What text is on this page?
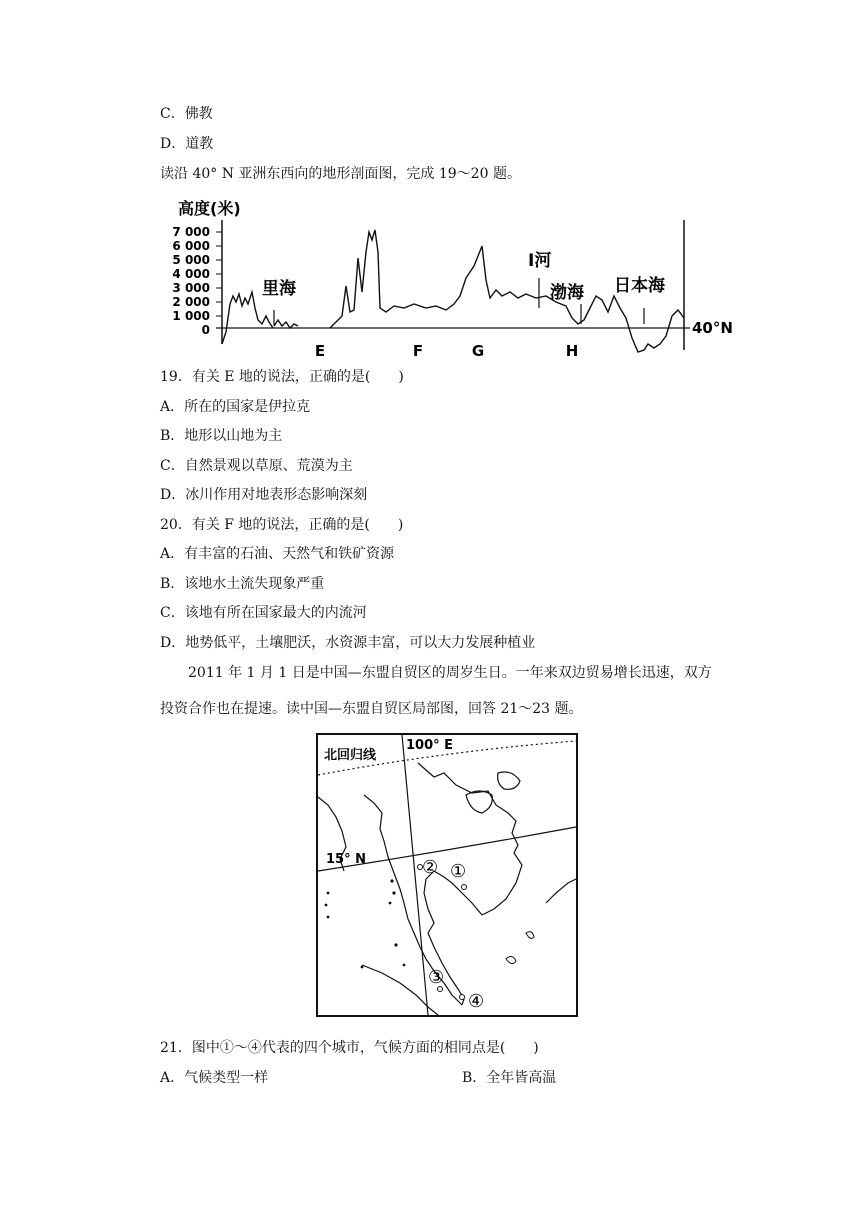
C．佛教
D．道教
读沿 40° N 亚洲东西向的地形剖面图，完成 19～20 题。
高度(米)
7 000
6 000
5 000
4 000
3 000
2 000
1 000
0
里海
Ⅰ河
渤海 日本海
40°N
E	F	G	H
19．有关 E 地的说法，正确的是(　　)
A．所在的国家是伊拉克
B．地形以山地为主
C．自然景观以草原、荒漠为主
D．冰川作用对地表形态影响深刻
20．有关 F 地的说法，正确的是(　　)
A．有丰富的石油、天然气和铁矿资源
B．该地水土流失现象严重
C．该地有所在国家最大的内流河
D．地势低平，土壤肥沃，水资源丰富，可以大力发展种植业
2011 年 1 月 1 日是中国—东盟自贸区的周岁生日。一年来双边贸易增长迅速，双方投资合作也在提速。读中国—东盟自贸区局部图，回答 21～23 题。
北回归线
100° E
15° N
①
②
③
④
21．图中①～④代表的四个城市，气候方面的相同点是(　　)
A．气候类型一样	B．全年皆高温
